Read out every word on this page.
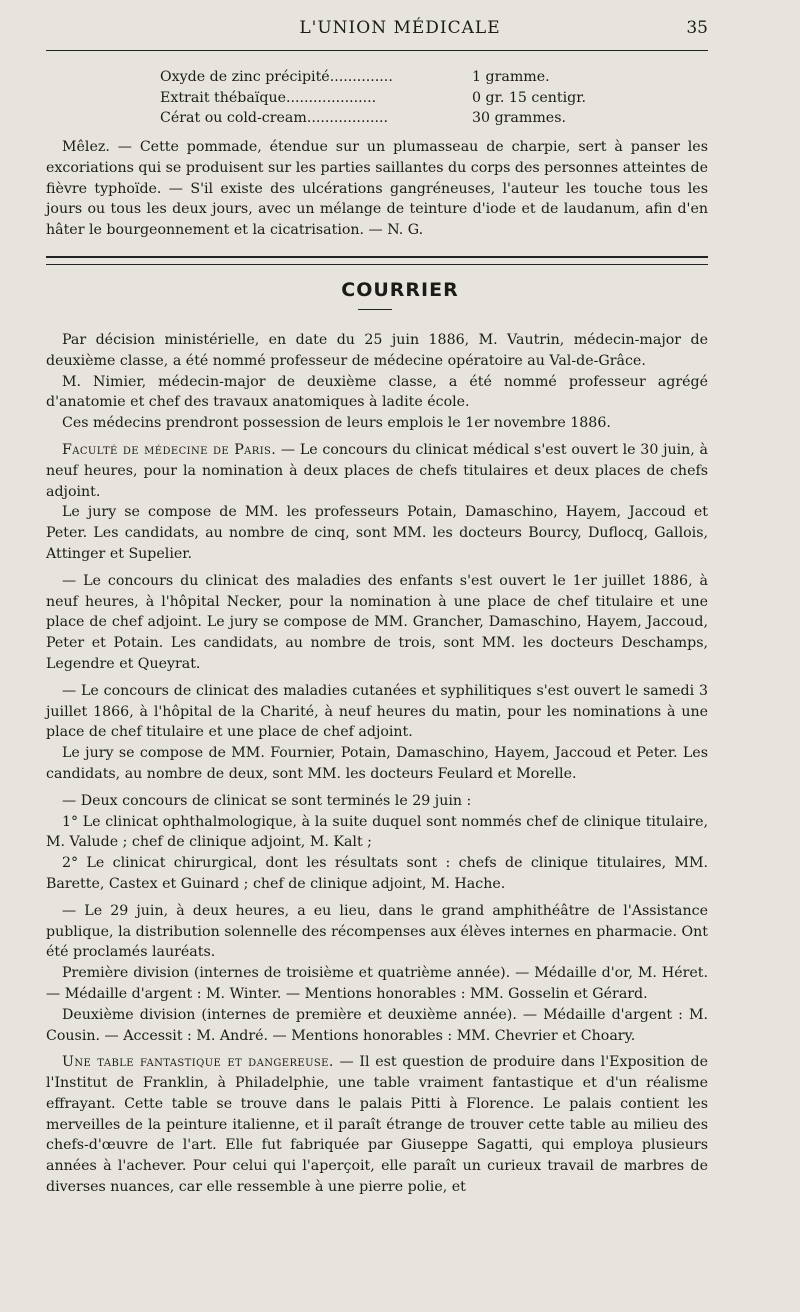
L'UNION MÉDICALE	35
Oxyde de zinc précipité..............	1 gramme.
Extrait thébaïque....................	0 gr. 15 centigr.
Cérat ou cold-cream..................	30 grammes.

Mêlez. — Cette pommade, étendue sur un plumasseau de charpie, sert à panser les excoriations qui se produisent sur les parties saillantes du corps des personnes atteintes de fièvre typhoïde. — S'il existe des ulcérations gangréneuses, l'auteur les touche tous les jours ou tous les deux jours, avec un mélange de teinture d'iode et de laudanum, afin d'en hâter le bourgeonnement et la cicatrisation. — N. G.

COURRIER

Par décision ministérielle, en date du 25 juin 1886, M. Vautrin, médecin-major de deuxième classe, a été nommé professeur de médecine opératoire au Val-de-Grâce.

M. Nimier, médecin-major de deuxième classe, a été nommé professeur agrégé d'anatomie et chef des travaux anatomiques à ladite école.

Ces médecins prendront possession de leurs emplois le 1er novembre 1886.

Faculté de médecine de Paris. — Le concours du clinicat médical s'est ouvert le 30 juin, à neuf heures, pour la nomination à deux places de chefs titulaires et deux places de chefs adjoint.

Le jury se compose de MM. les professeurs Potain, Damaschino, Hayem, Jaccoud et Peter. Les candidats, au nombre de cinq, sont MM. les docteurs Bourcy, Duflocq, Gallois, Attinger et Supelier.

— Le concours du clinicat des maladies des enfants s'est ouvert le 1er juillet 1886, à neuf heures, à l'hôpital Necker, pour la nomination à une place de chef titulaire et une place de chef adjoint. Le jury se compose de MM. Grancher, Damaschino, Hayem, Jaccoud, Peter et Potain. Les candidats, au nombre de trois, sont MM. les docteurs Deschamps, Legendre et Queyrat.

— Le concours de clinicat des maladies cutanées et syphilitiques s'est ouvert le samedi 3 juillet 1866, à l'hôpital de la Charité, à neuf heures du matin, pour les nominations à une place de chef titulaire et une place de chef adjoint.

Le jury se compose de MM. Fournier, Potain, Damaschino, Hayem, Jaccoud et Peter. Les candidats, au nombre de deux, sont MM. les docteurs Feulard et Morelle.

— Deux concours de clinicat se sont terminés le 29 juin :

1° Le clinicat ophthalmologique, à la suite duquel sont nommés chef de clinique titulaire, M. Valude ; chef de clinique adjoint, M. Kalt ;

2° Le clinicat chirurgical, dont les résultats sont : chefs de clinique titulaires, MM. Barette, Castex et Guinard ; chef de clinique adjoint, M. Hache.

— Le 29 juin, à deux heures, a eu lieu, dans le grand amphithéâtre de l'Assistance publique, la distribution solennelle des récompenses aux élèves internes en pharmacie. Ont été proclamés lauréats.

Première division (internes de troisième et quatrième année). — Médaille d'or, M. Héret. — Médaille d'argent : M. Winter. — Mentions honorables : MM. Gosselin et Gérard.

Deuxième division (internes de première et deuxième année). — Médaille d'argent : M. Cousin. — Accessit : M. André. — Mentions honorables : MM. Chevrier et Choary.

Une table fantastique et dangereuse. — Il est question de produire dans l'Exposition de l'Institut de Franklin, à Philadelphie, une table vraiment fantastique et d'un réalisme effrayant. Cette table se trouve dans le palais Pitti à Florence. Le palais contient les merveilles de la peinture italienne, et il paraît étrange de trouver cette table au milieu des chefs-d'œuvre de l'art. Elle fut fabriquée par Giuseppe Sagatti, qui employa plusieurs années à l'achever. Pour celui qui l'aperçoit, elle paraît un curieux travail de marbres de diverses nuances, car elle ressemble à une pierre polie, et
